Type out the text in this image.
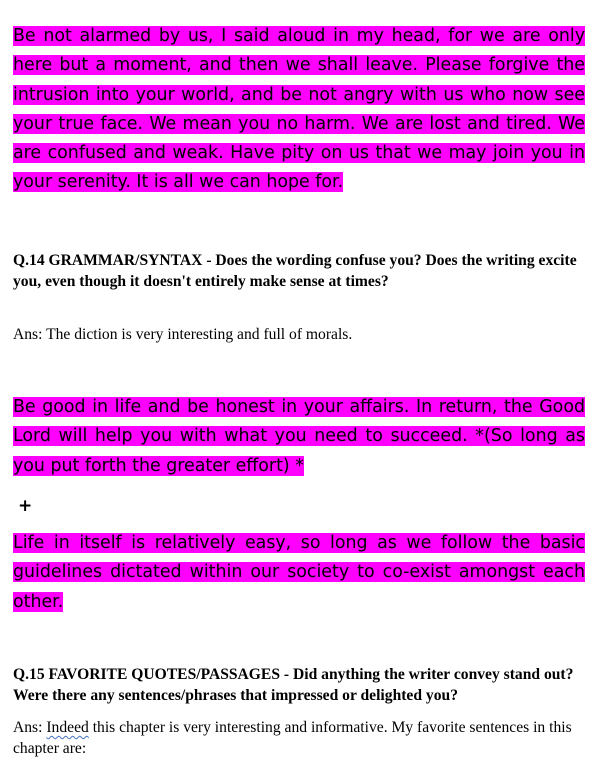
Be not alarmed by us, I said aloud in my head, for we are only here but a moment, and then we shall leave. Please forgive the intrusion into your world, and be not angry with us who now see your true face. We mean you no harm. We are lost and tired. We are confused and weak. Have pity on us that we may join you in your serenity. It is all we can hope for.

Q.14 GRAMMAR/SYNTAX - Does the wording confuse you? Does the writing excite you, even though it doesn't entirely make sense at times?

Ans: The diction is very interesting and full of morals.

Be good in life and be honest in your affairs. In return, the Good Lord will help you with what you need to succeed. *(So long as you put forth the greater effort) *

+

Life in itself is relatively easy, so long as we follow the basic guidelines dictated within our society to co-exist amongst each other.

Q.15 FAVORITE QUOTES/PASSAGES - Did anything the writer convey stand out? Were there any sentences/phrases that impressed or delighted you?

Ans: Indeed this chapter is very interesting and informative. My favorite sentences in this chapter are:
